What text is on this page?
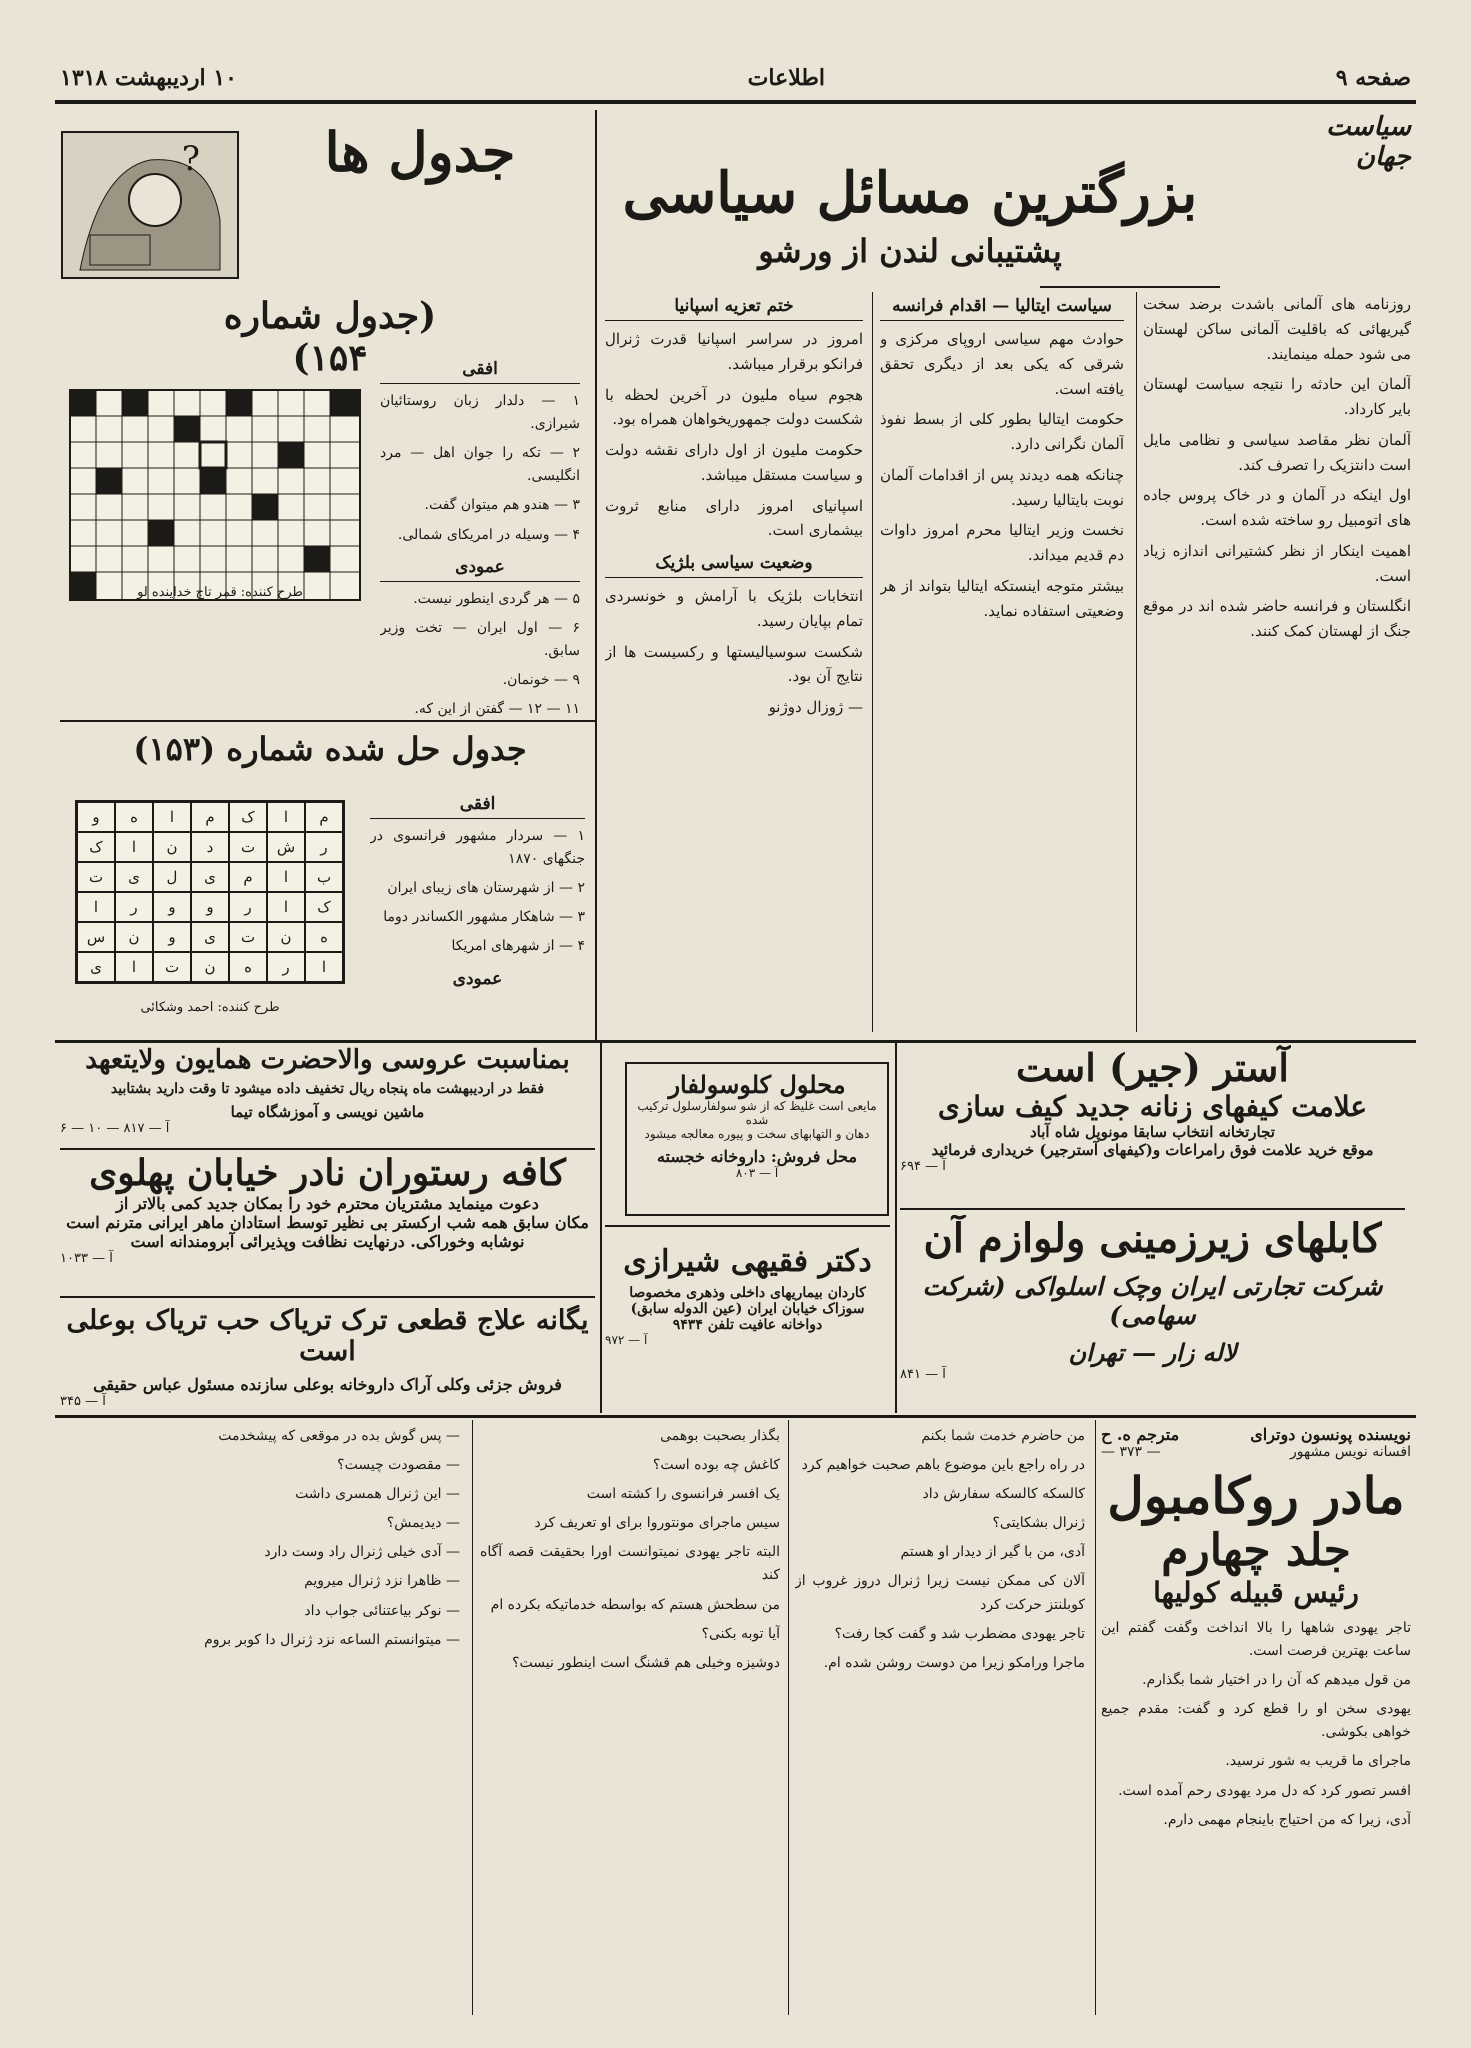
صفحه ۹
اطلاعات
۱۰ اردیبهشت ۱۳۱۸
سیاست جهان
بزرگترین مسائل سیاسی
پشتیبانی لندن از ورشو

روزنامه های آلمانی باشدت برضد سخت گیریهائی که باقلیت آلمانی ساکن لهستان می شود حمله مینمایند.

آلمان این حادثه را نتیجه سیاست لهستان بایر کارداد.

آلمان نظر مقاصد سیاسی و نظامی مایل است دانتزیک را تصرف کند.

اول اینکه در آلمان و در خاک پروس جاده های اتومبیل رو ساخته شده است.

اهمیت اینکار از نظر کشتیرانی اندازه زیاد است.

انگلستان و فرانسه حاضر شده اند در موقع جنگ از لهستان کمک کنند.

سیاست ایتالیا — اقدام فرانسه

حوادث مهم سیاسی اروپای مرکزی و شرقی که یکی بعد از دیگری تحقق یافته است.

حکومت ایتالیا بطور کلی از بسط نفوذ آلمان نگرانی دارد.

چنانکه همه دیدند پس از اقدامات آلمان نوبت بایتالیا رسید.

نخست وزیر ایتالیا محرم امروز داوات دم قدیم میداند.

بیشتر متوجه اینستکه ایتالیا بتواند از هر وضعیتی استفاده نماید.

ختم تعزیه اسپانیا

امروز در سراسر اسپانیا قدرت ژنرال فرانکو برقرار میباشد.

هجوم سیاه ملیون در آخرین لحظه با شکست دولت جمهوریخواهان همراه بود.

حکومت ملیون از اول دارای نقشه دولت و سیاست مستقل میباشد.

اسپانیای امروز دارای منابع ثروت بیشماری است.

وضعیت سیاسی بلژیک

انتخابات بلژیک با آرامش و خونسردی تمام بپایان رسید.

شکست سوسیالیستها و رکسیست ها از نتایج آن بود.

— ژوزال دوژنو

?	جدول ها
(جدول شماره ۱۵۴)	افقی

۱ — دلدار زبان روستائیان شیرازی.

۲ — تکه را جوان اهل — مرد انگلیسی.

۳ — هندو هم میتوان گفت.

۴ — وسیله در امریکای شمالی.

عمودی

۵ — هر گردی اینطور نیست.

۶ — اول ایران — تخت وزیر سابق.

۹ — خونمان.

۱۱ — ۱۲ — گفتن از این که.

طرح کننده: قمر تاج خداینده لو
جدول حل شده شماره (۱۵۳)
افقی

۱ — سردار مشهور فرانسوی در جنگهای ۱۸۷۰

۲ — از شهرستان های زیبای ایران

۳ — شاهکار مشهور الکساندر دوما

۴ — از شهرهای امریکا

عمودی

م
ا
ک
م
ا
ه
و
ر
ش
ت
د
ن
ا
ک
ب
ا
م
ی
ل
ی
ت
ک
ا
ر
و
و
ر
ا
ه
ن
ت
ی
و
ن
س
ا
ر
ه
ن
ت
ا
ی
طرح کننده: احمد وشکائی
بمناسبت عروسی والاحضرت همایون ولایتعهد
فقط در اردیبهشت ماه پنجاه ریال تخفیف داده میشود تا وقت دارید بشتابید
ماشین نویسی و آموزشگاه تیما
آ — ۸۱۷ — ۱۰ — ۶
کافه رستوران نادر خیابان پهلوی
دعوت مینماید مشتریان محترم خود را بمکان جدید کمی بالاتر از
مکان سابق همه شب ارکستر بی نظیر توسط استادان ماهر ایرانی مترنم است
نوشابه وخوراکی. درنهایت نظافت وپذیرائی آبرومندانه است
آ — ۱۰۳۳
یگانه علاج قطعی ترک تریاک حب تریاک بوعلی است
فروش جزئی وکلی آراک داروخانه بوعلی سازنده مسئول عباس حقیقی
آ — ۳۴۵
محلول کلوسولفار
مایعی است غلیظ که از شو سولفارسلول ترکیب شده
دهان و التهابهای سخت و پیوره معالجه میشود
محل فروش: داروخانه خجسته
آ — ۸۰۳
دکتر فقیهی شیرازی
کاردان بیماریهای داخلی وذهری مخصوصا
سوزاک خیابان ایران (عین الدوله سابق)
دواخانه عافیت تلفن ۹۴۳۴
آ — ۹۷۲
آستر (جیر) است
علامت کیفهای زنانه جدید کیف سازی
تجارتخانه انتخاب سابقا مونوپل شاه آباد
موقع خرید علامت فوق رامراعات و(کیفهای آسترجیر) خریداری فرمائید
آ — ۶۹۴
کابلهای زیرزمینی ولوازم آن
شرکت تجارتی ایران وچک اسلواکی (شرکت سهامی)
لاله زار — تهران
آ — ۸۴۱
نویسنده پونسون دوترای
مترجم ه. ح
افسانه نویس مشهور
— ۳۷۳ —
مادر روکامبول
جلد چهارم
رئیس قبیله کولیها

تاجر یهودی شاهها را بالا انداخت وگفت گفتم این ساعت بهترین فرصت است.

من قول میدهم که آن را در اختیار شما بگذارم.

یهودی سخن او را قطع کرد و گفت: مقدم جمیع خواهی بکوشی.

ماجرای ما قریب به شور نرسید.

افسر تصور کرد که دل مرد یهودی رحم آمده است.

آدی، زیرا که من احتیاج باینجام مهمی دارم.

من حاضرم خدمت شما بکنم

در راه راجع باین موضوع باهم صحبت خواهیم کرد

کالسکه کالسکه سفارش داد

ژنرال بشکایتی؟

آدی، من با گیر از دیدار او هستم

آلان کی ممکن نیست زیرا ژنرال دروز غروب از کوبلنتز حرکت کرد

تاجر یهودی مضطرب شد و گفت کجا رفت؟

ماجرا ورامکو زیرا من دوست روشن شده ام.

بگذار بصحبت بوهمی

کاغش چه بوده است؟

یک افسر فرانسوی را کشته است

سیس ماجرای مونتوروا برای او تعریف کرد

البته تاجر یهودی نمیتوانست اورا بحقیقت قصه آگاه کند

من سطحش هستم که بواسطه خدماتیکه بکرده ام

آیا توبه بکنی؟

دوشیزه وخیلی هم قشنگ است اینطور نیست؟

— پس گوش بده در موقعی که پیشخدمت

— مقصودت چیست؟

— این ژنرال همسری داشت

— دیدیمش؟

— آدی خیلی ژنرال راد وست دارد

— ظاهرا نزد ژنرال میرویم

— نوکر بیاعتنائی جواب داد

— میتوانستم الساعه نزد ژنرال دا کوبر بروم
